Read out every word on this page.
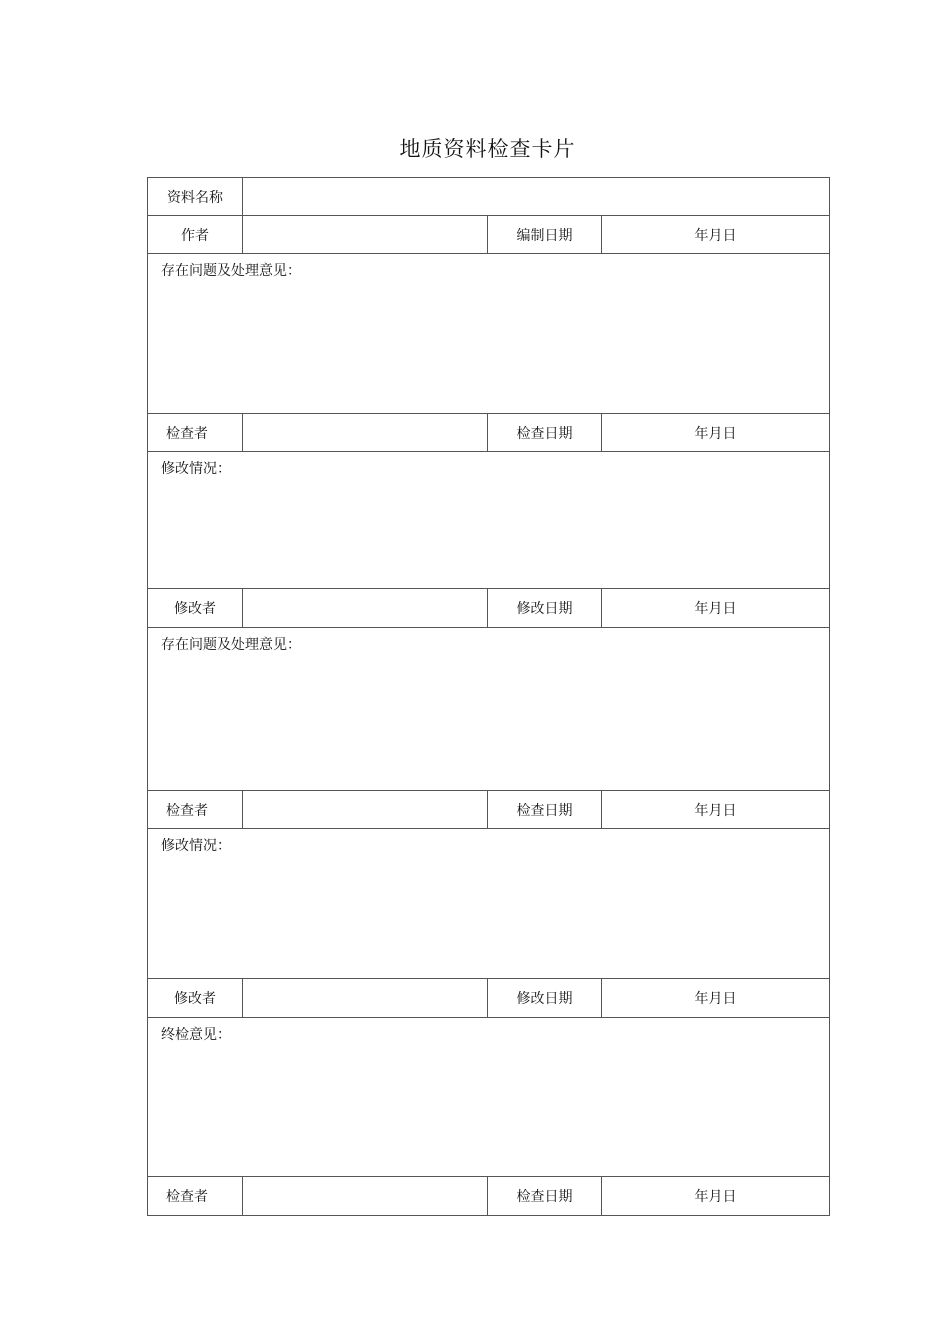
地质资料检查卡片
资料名称			
作者		编制日期	年月日
存在问题及处理意见：			
检查者		检查日期	年月日
修改情况：			
修改者		修改日期	年月日
存在问题及处理意见：			
检查者		检查日期	年月日
修改情况：			
修改者		修改日期	年月日
终检意见：			
检查者		检查日期	年月日
